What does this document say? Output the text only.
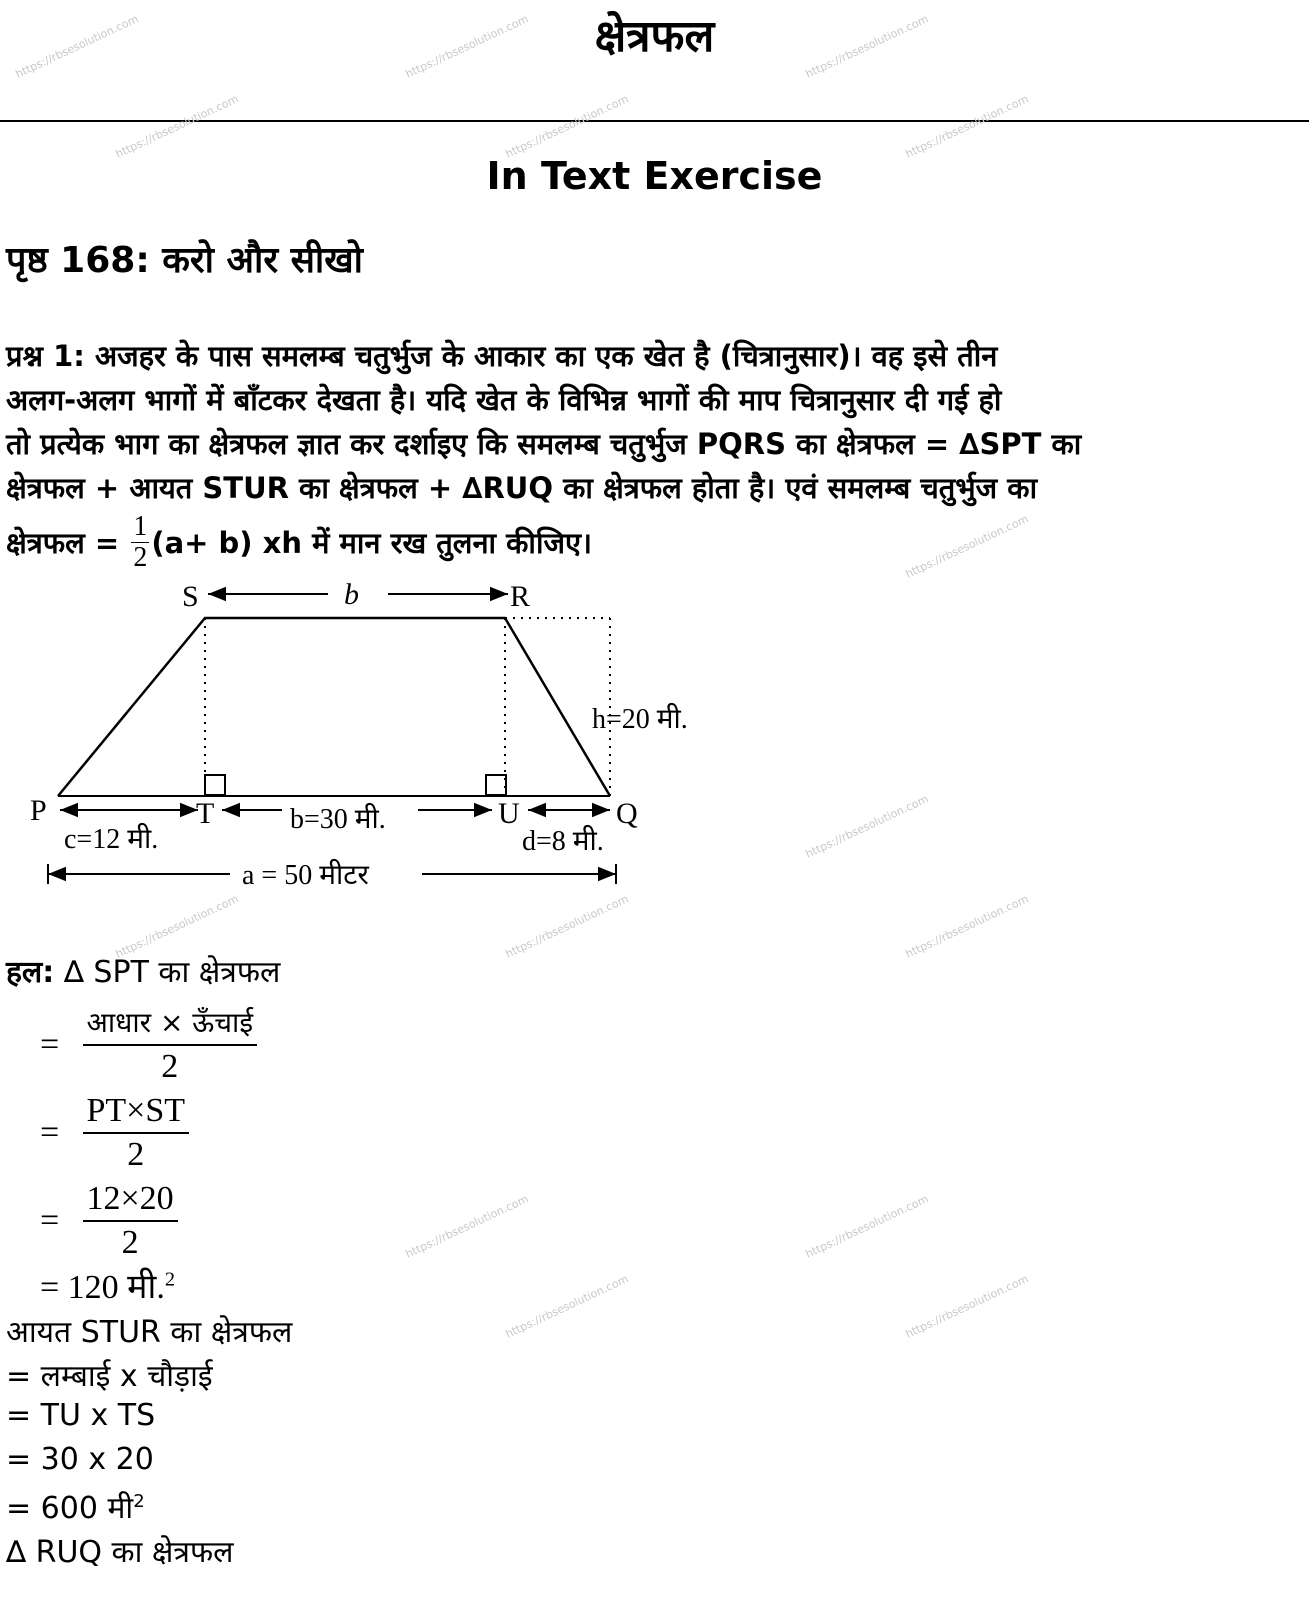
क्षेत्रफल
In Text Exercise
पृष्ठ 168: करो और सीखो
प्रश्न 1: अजहर के पास समलम्ब चतुर्भुज के आकार का एक खेत है (चित्रानुसार)। वह इसे तीन
अलग-अलग भागों में बाँटकर देखता है। यदि खेत के विभिन्न भागों की माप चित्रानुसार दी गई हो
तो प्रत्येक भाग का क्षेत्रफल ज्ञात कर दर्शाइए कि समलम्ब चतुर्भुज PQRS का क्षेत्रफल = ∆SPT का
क्षेत्रफल + आयत STUR का क्षेत्रफल + ∆RUQ का क्षेत्रफल होता है। एवं समलम्ब चतुर्भुज का
क्षेत्रफल = $\frac{1}{2} (a+ b)$ xh में मान रख तुलना कीजिए।
S	b	R
h=20 मी.
P	T	U	Q
c=12 मी.
b=30 मी.
d=8 मी.
a = 50 मीटर
हल: ∆ SPT का क्षेत्रफल
= $\frac{\text{आधार × ऊँचाई}}{2}$
= $\frac{PT\times ST}{2}$
= $\frac{12\times 20}{2}$
= 120 मी.$^2$
आयत STUR का क्षेत्रफल
= लम्बाई x चौड़ाई
= TU x TS
= 30 x 20
= 600 मी$^2$
∆ RUQ का क्षेत्रफल
https://rbsesolution.com	https://rbsesolution.com	https://rbsesolution.com
https://rbsesolution.com	https://rbsesolution.com	https://rbsesolution.com
https://rbsesolution.com
https://rbsesolution.com
https://rbsesolution.com	https://rbsesolution.com	https://rbsesolution.com
https://rbsesolution.com	https://rbsesolution.com
https://rbsesolution.com	https://rbsesolution.com
